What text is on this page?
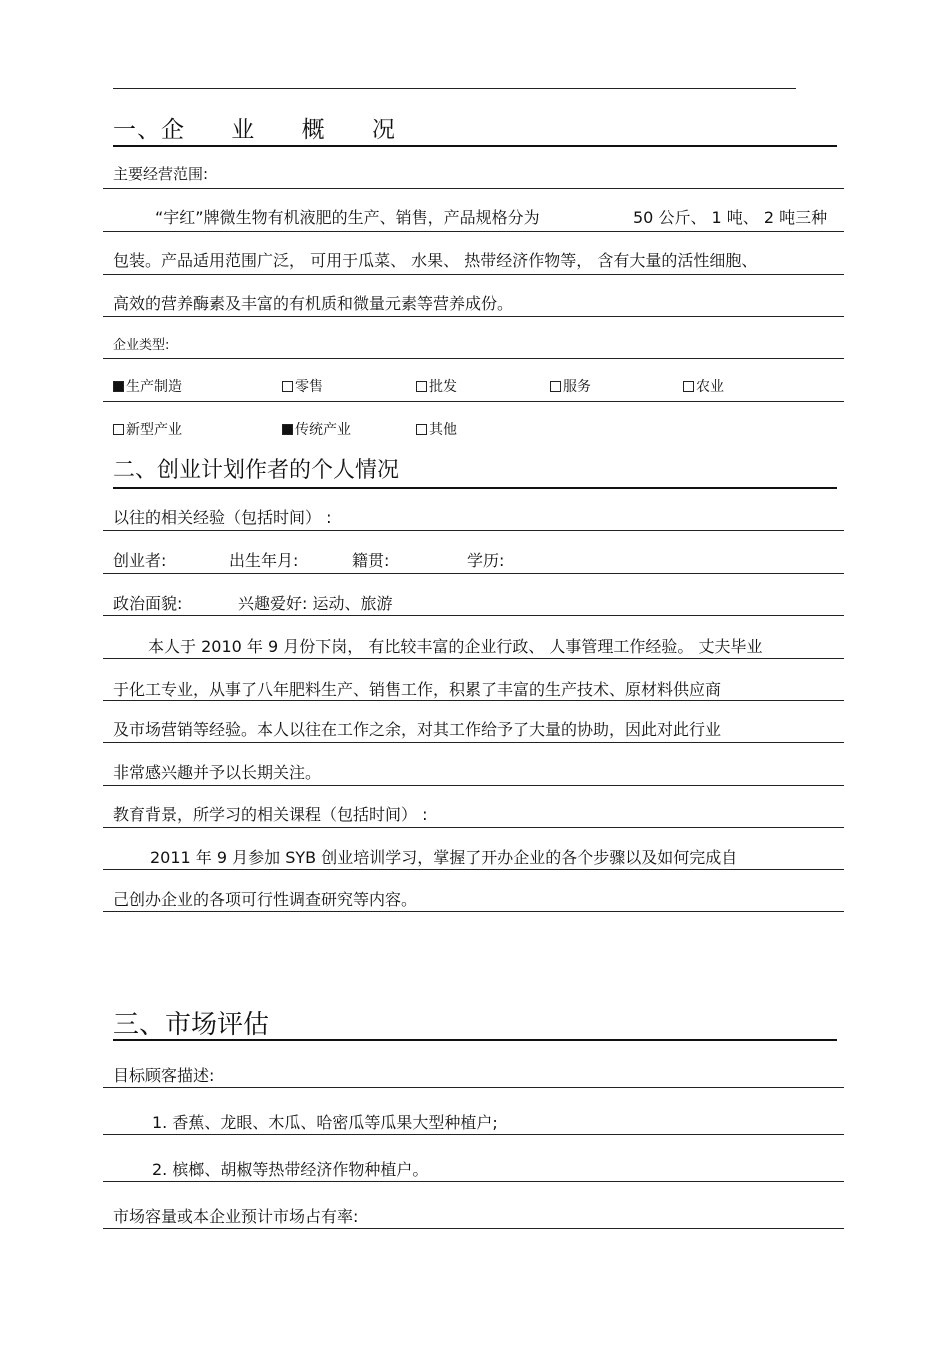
一、企 业 概 况
主要经营范围:
“宇红”牌微生物有机液肥的生产、销售，产品规格分为	50 公斤、 1 吨、 2 吨三种
包装。产品适用范围广泛， 可用于瓜菜、 水果、 热带经济作物等， 含有大量的活性细胞、
高效的营养酶素及丰富的有机质和微量元素等营养成份。
企业类型:
生产制造	零售	批发	服务	农业
新型产业	传统产业	其他
二、创业计划作者的个人情况
以往的相关经验（包括时间） :
创业者:	出生年月:	籍贯:	学历:
政治面貌:	兴趣爱好: 运动、旅游
本人于 2010 年 9 月份下岗， 有比较丰富的企业行政、 人事管理工作经验。 丈夫毕业
于化工专业，从事了八年肥料生产、销售工作，积累了丰富的生产技术、原材料供应商
及市场营销等经验。本人以往在工作之余，对其工作给予了大量的协助，因此对此行业
非常感兴趣并予以长期关注。
教育背景，所学习的相关课程（包括时间） :
2011 年 9 月参加 SYB 创业培训学习，掌握了开办企业的各个步骤以及如何完成自
己创办企业的各项可行性调查研究等内容。
三、市场评估
目标顾客描述:
1. 香蕉、龙眼、木瓜、哈密瓜等瓜果大型种植户;
2. 槟榔、胡椒等热带经济作物种植户。
市场容量或本企业预计市场占有率:
